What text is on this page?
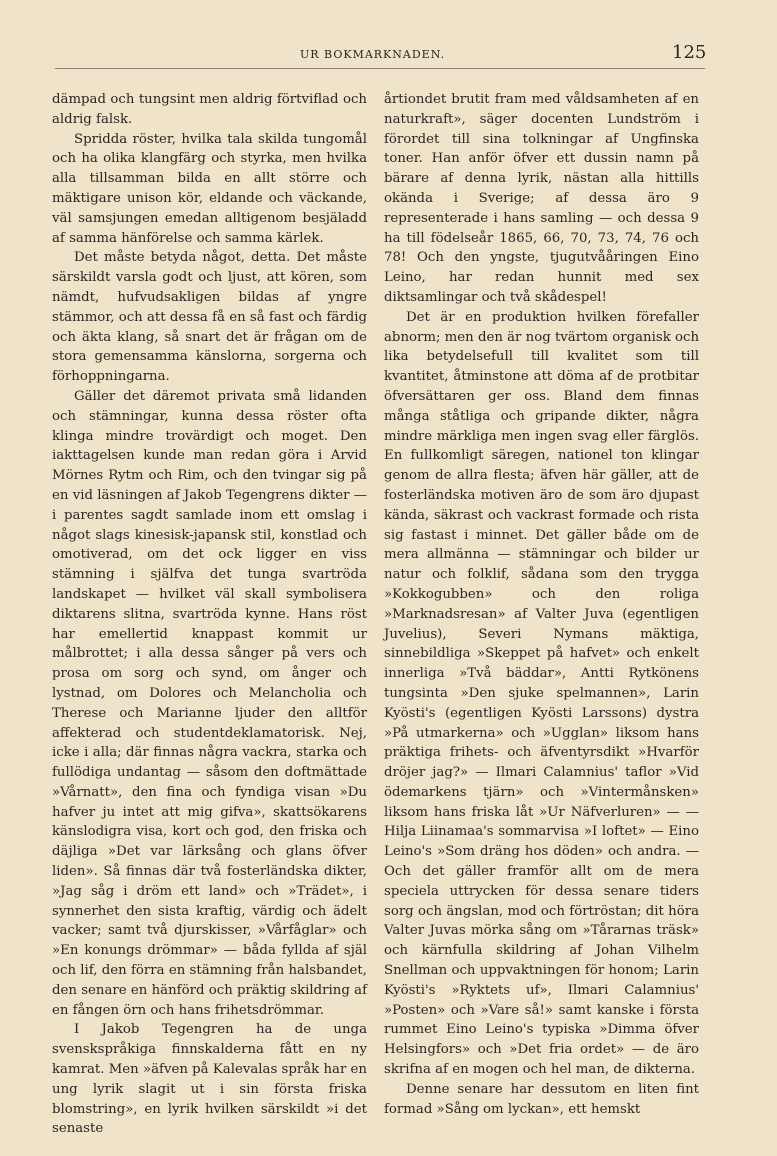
UR BOKMARKNADEN.	125

dämpad och tungsint men aldrig förtviflad och aldrig falsk.

Spridda röster, hvilka tala skilda tungomål och ha olika klangfärg och styrka, men hvilka alla tillsamman bilda en allt större och mäktigare unison kör, eldande och väckande, väl samsjungen emedan alltigenom besjäladd af samma hänförelse och samma kärlek.

Det måste betyda något, detta. Det måste särskildt varsla godt och ljust, att kören, som nämdt, hufvudsakligen bildas af yngre stämmor, och att dessa få en så fast och färdig och äkta klang, så snart det är frågan om de stora gemensamma känslorna, sorgerna och förhoppningarna.

Gäller det däremot privata små lidanden och stämningar, kunna dessa röster ofta klinga mindre trovärdigt och moget. Den iakttagelsen kunde man redan göra i Arvid Mörnes Rytm och Rim, och den tvingar sig på en vid läsningen af Jakob Tegengrens dikter — i parentes sagdt samlade inom ett omslag i något slags kinesisk-japansk stil, konstlad och omotiverad, om det ock ligger en viss stämning i själfva det tunga svartröda landskapet — hvilket väl skall symbolisera diktarens slitna, svartröda kynne. Hans röst har emellertid knappast kommit ur målbrottet; i alla dessa sånger på vers och prosa om sorg och synd, om ånger och lystnad, om Dolores och Melancholia och Therese och Marianne ljuder den alltför affekterad och studentdeklamatorisk. Nej, icke i alla; där finnas några vackra, starka och fullödiga undantag — såsom den doftmättade »Vårnatt», den fina och fyndiga visan »Du hafver ju intet att mig gifva», skattsökarens känslodigra visa, kort och god, den friska och däjliga »Det var lärksång och glans öfver liden». Så finnas där två fosterländska dikter, »Jag såg i dröm ett land» och »Trädet», i synnerhet den sista kraftig, värdig och ädelt vacker; samt två djurskisser, »Vårfåglar» och »En konungs drömmar» — båda fyllda af själ och lif, den förra en stämning från halsbandet, den senare en hänförd och präktig skildring af en fången örn och hans frihetsdrömmar.

I Jakob Tegengren ha de unga svenskspråkiga finnskalderna fått en ny kamrat. Men »äfven på Kalevalas språk har en ung lyrik slagit ut i sin första friska blomstring», en lyrik hvilken särskildt »i det senaste

årtiondet brutit fram med våldsamheten af en naturkraft», säger docenten Lundström i förordet till sina tolkningar af Ungfinska toner. Han anför öfver ett dussin namn på bärare af denna lyrik, nästan alla hittills okända i Sverige; af dessa äro 9 representerade i hans samling — och dessa 9 ha till födelseår 1865, 66, 70, 73, 74, 76 och 78! Och den yngste, tjugutvååringen Eino Leino, har redan hunnit med sex diktsamlingar och två skådespel!

Det är en produktion hvilken förefaller abnorm; men den är nog tvärtom organisk och lika betydelsefull till kvalitet som till kvantitet, åtminstone att döma af de protbitar öfversättaren ger oss. Bland dem finnas många ståtliga och gripande dikter, några mindre märkliga men ingen svag eller färglös. En fullkomligt säregen, nationel ton klingar genom de allra flesta; äfven här gäller, att de fosterländska motiven äro de som äro djupast kända, säkrast och vackrast formade och rista sig fastast i minnet. Det gäller både om de mera allmänna — stämningar och bilder ur natur och folklif, sådana som den trygga »Kokkogubben» och den roliga »Marknadsresan» af Valter Juva (egentligen Juvelius), Severi Nymans mäktiga, sinnebildliga »Skeppet på hafvet» och enkelt innerliga »Två bäddar», Antti Rytkönens tungsinta »Den sjuke spelmannen», Larin Kyösti's (egentligen Kyösti Larssons) dystra »På utmarkerna» och »Ugglan» liksom hans präktiga frihets- och äfventyrsdikt »Hvarför dröjer jag?» — Ilmari Calamnius' taflor »Vid ödemarkens tjärn» och »Vintermånsken» liksom hans friska låt »Ur Näfverluren» — — Hilja Liinamaa's sommarvisa »I loftet» — Eino Leino's »Som dräng hos döden» och andra. — Och det gäller framför allt om de mera speciela uttrycken för dessa senare tiders sorg och ängslan, mod och förtröstan; dit höra Valter Juvas mörka sång om »Tårarnas träsk» och kärnfulla skildring af Johan Vilhelm Snellman och uppvaktningen för honom; Larin Kyösti's »Ryktets uf», Ilmari Calamnius' »Posten» och »Vare så!» samt kanske i första rummet Eino Leino's typiska »Dimma öfver Helsingfors» och »Det fria ordet» — de äro skrifna af en mogen och hel man, de dikterna.

Denne senare har dessutom en liten fint formad »Sång om lyckan», ett hemskt
